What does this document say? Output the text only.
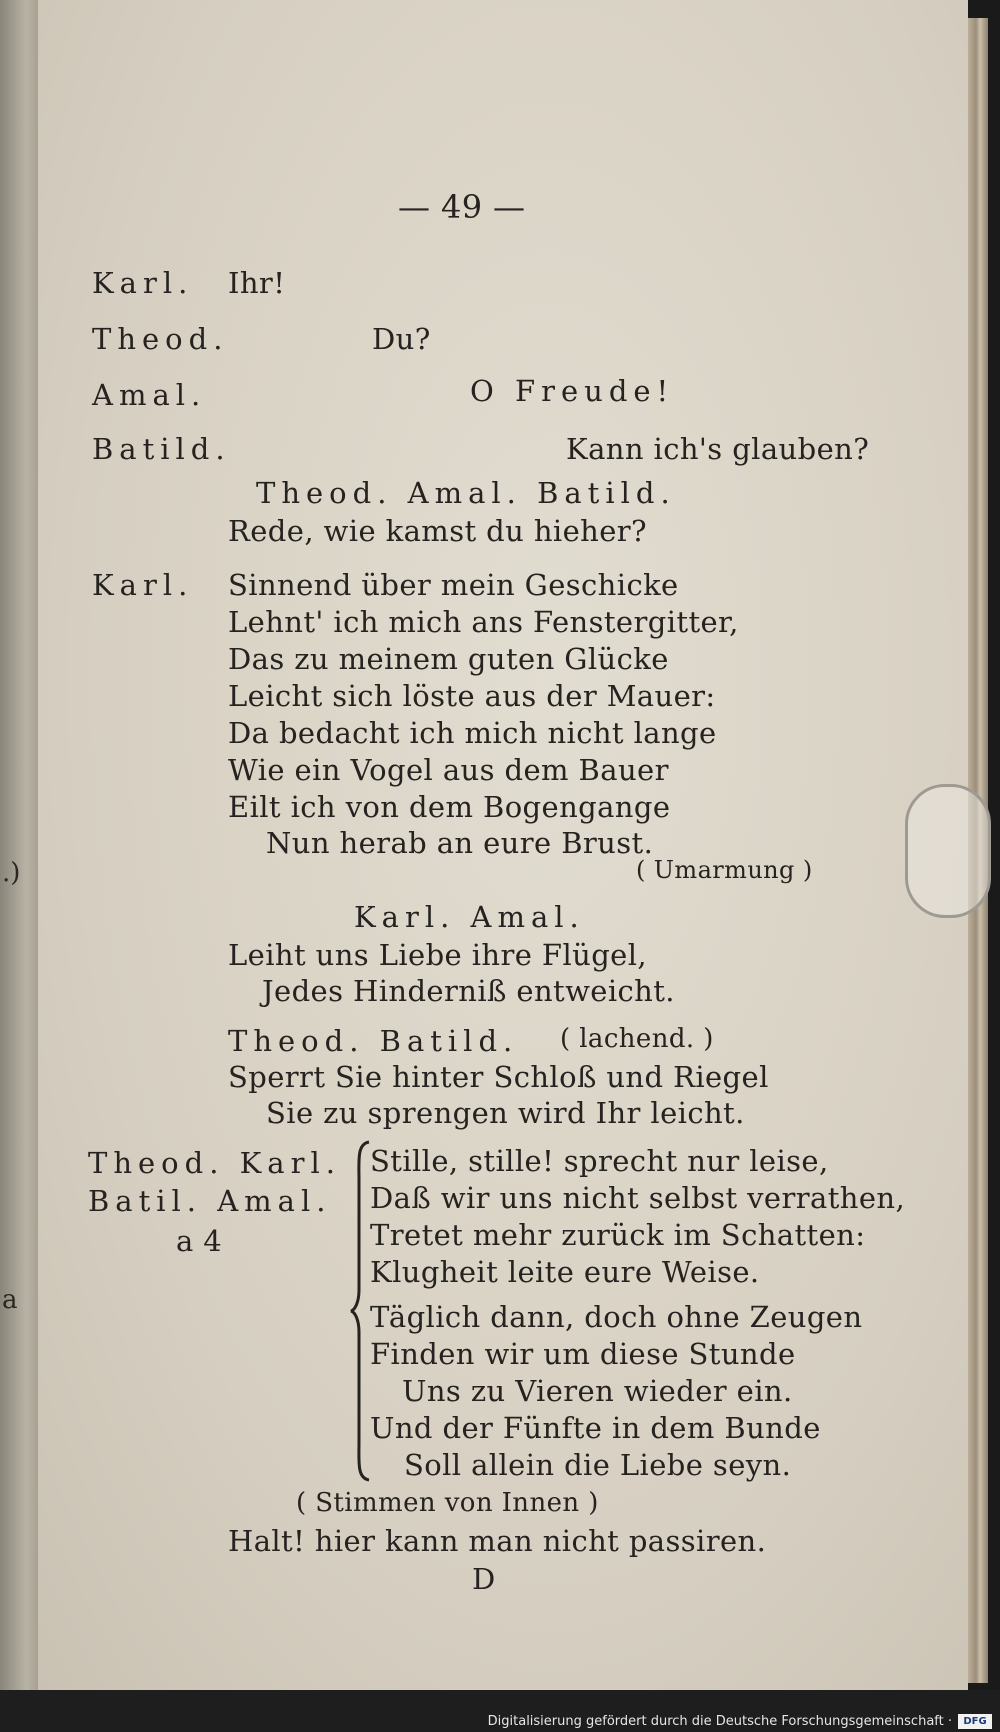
.)
a
— 49 —
Karl. Ihr!
Theod.	Du?
Amal.	O Freude!
Batild.	Kann ich's glauben?
Theod. Amal. Batild.
Rede, wie kamst du hieher?
Karl. Sinnend über mein Geschicke
Lehnt' ich mich ans Fenstergitter,
Das zu meinem guten Glücke
Leicht sich löste aus der Mauer:
Da bedacht ich mich nicht lange
Wie ein Vogel aus dem Bauer
Eilt ich von dem Bogengange
Nun herab an eure Brust.
( Umarmung )
Karl. Amal.
Leiht uns Liebe ihre Flügel,
Jedes Hinderniß entweicht.
Theod. Batild. ( lachend. )
Sperrt Sie hinter Schloß und Riegel
Sie zu sprengen wird Ihr leicht.
Theod. Karl.
Batil. Amal.
a 4
Stille, stille! sprecht nur leise,
Daß wir uns nicht selbst verrathen,
Tretet mehr zurück im Schatten:
Klugheit leite eure Weise.
Täglich dann, doch ohne Zeugen
Finden wir um diese Stunde
Uns zu Vieren wieder ein.
Und der Fünfte in dem Bunde
Soll allein die Liebe seyn.
( Stimmen von Innen )
Halt! hier kann man nicht passiren.
D
Digitalisierung gefördert durch die Deutsche Forschungsgemeinschaft ·	DFG
